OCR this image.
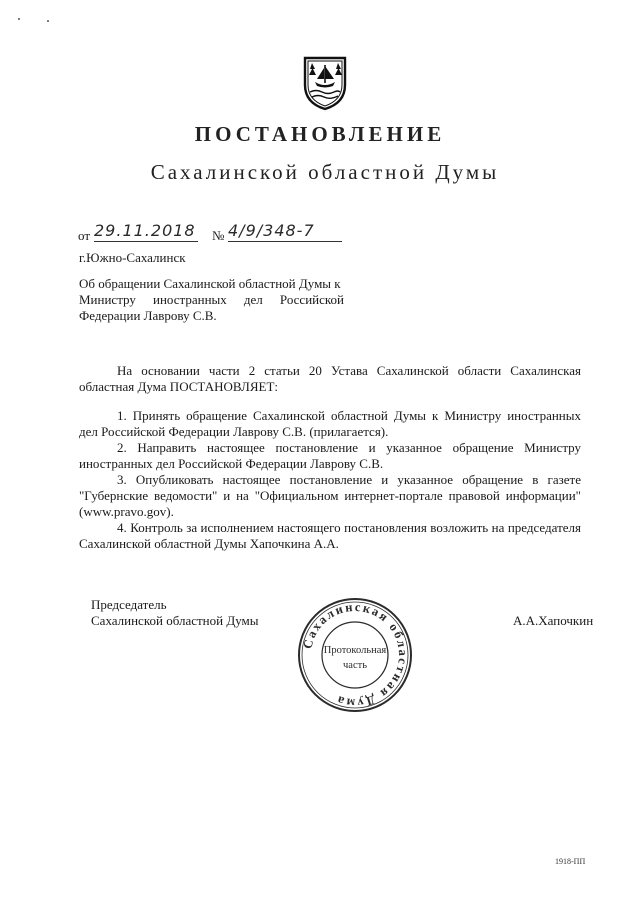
ПОСТАНОВЛЕНИЕ
Сахалинской областной Думы
от 29.11.2018 № 4/9/348-7
г.Южно-Сахалинск
Об обращении Сахалинской областной Думы к
Министру иностранных дел Российской
Федерации Лаврову С.В.

На основании части 2 статьи 20 Устава Сахалинской области Сахалинская областная Дума ПОСТАНОВЛЯЕТ:

1. Принять обращение Сахалинской областной Думы к Министру иностранных дел Российской Федерации Лаврову С.В. (прилагается).

2. Направить настоящее постановление и указанное обращение Министру иностранных дел Российской Федерации Лаврову С.В.

3. Опубликовать настоящее постановление и указанное обращение в газете "Губернские ведомости" и на "Официальном интернет-портале правовой информации" (www.pravo.gov).

4. Контроль за исполнением настоящего постановления возложить на председателя Сахалинской областной Думы Хапочкина А.А.

Председатель
Сахалинской областной Думы	А.А.Хапочкин
Сахалинская областная Дума
Протокольная
часть
1918-ПП
